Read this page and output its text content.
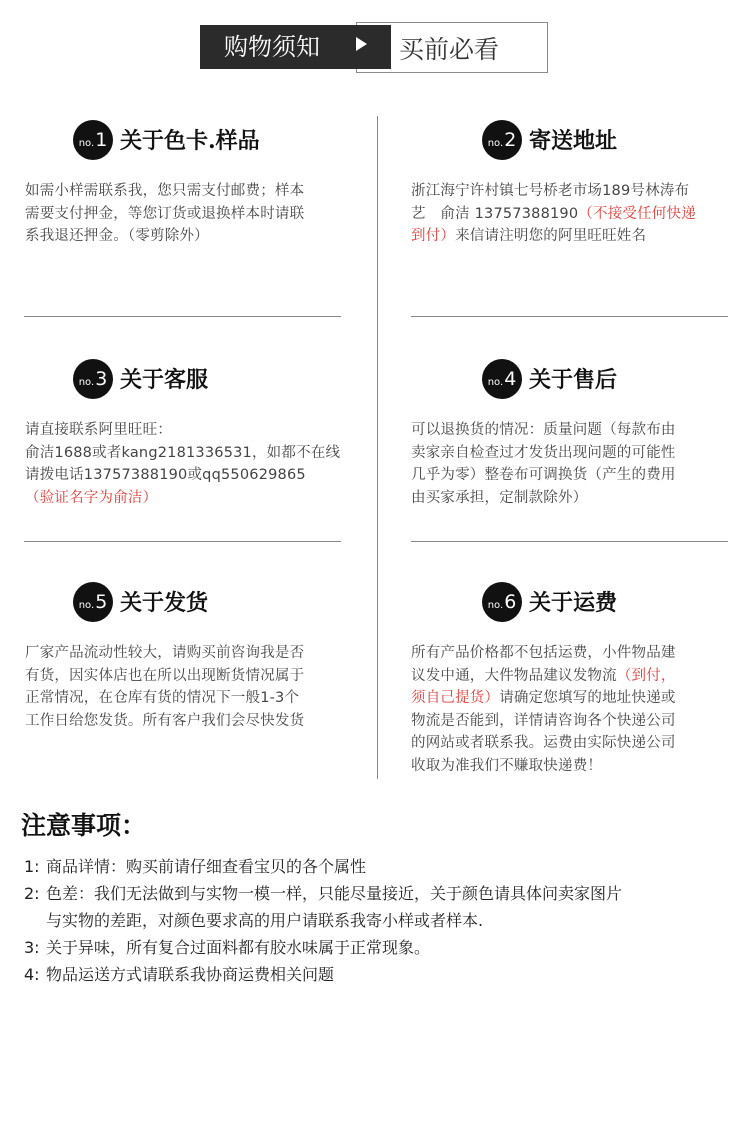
购物须知	买前必看
no.1 关于色卡.样品
如需小样需联系我，您只需支付邮费；样本
需要支付押金，等您订货或退换样本时请联
系我退还押金。（零剪除外）
no.2 寄送地址
浙江海宁许村镇七号桥老市场189号林涛布
艺　俞洁 13757388190（不接受任何快递
到付）来信请注明您的阿里旺旺姓名
no.3 关于客服
请直接联系阿里旺旺：
俞洁1688或者kang2181336531，如都不在线
请拨电话13757388190或qq550629865
（验证名字为俞洁）
no.4 关于售后
可以退换货的情况：质量问题（每款布由
卖家亲自检查过才发货出现问题的可能性
几乎为零）整卷布可调换货（产生的费用
由买家承担，定制款除外）
no.5 关于发货
厂家产品流动性较大，请购买前咨询我是否
有货，因实体店也在所以出现断货情况属于
正常情况，在仓库有货的情况下一般1-3个
工作日给您发货。所有客户我们会尽快发货
no.6 关于运费
所有产品价格都不包括运费，小件物品建
议发中通，大件物品建议发物流（到付，
须自己提货）请确定您填写的地址快递或
物流是否能到，详情请咨询各个快递公司
的网站或者联系我。运费由实际快递公司
收取为准我们不赚取快递费！
注意事项：
1: 商品详情：购买前请仔细查看宝贝的各个属性
2: 色差：我们无法做到与实物一模一样，只能尽量接近，关于颜色请具体问卖家图片
与实物的差距，对颜色要求高的用户请联系我寄小样或者样本.
3: 关于异味，所有复合过面料都有胶水味属于正常现象。
4: 物品运送方式请联系我协商运费相关问题
